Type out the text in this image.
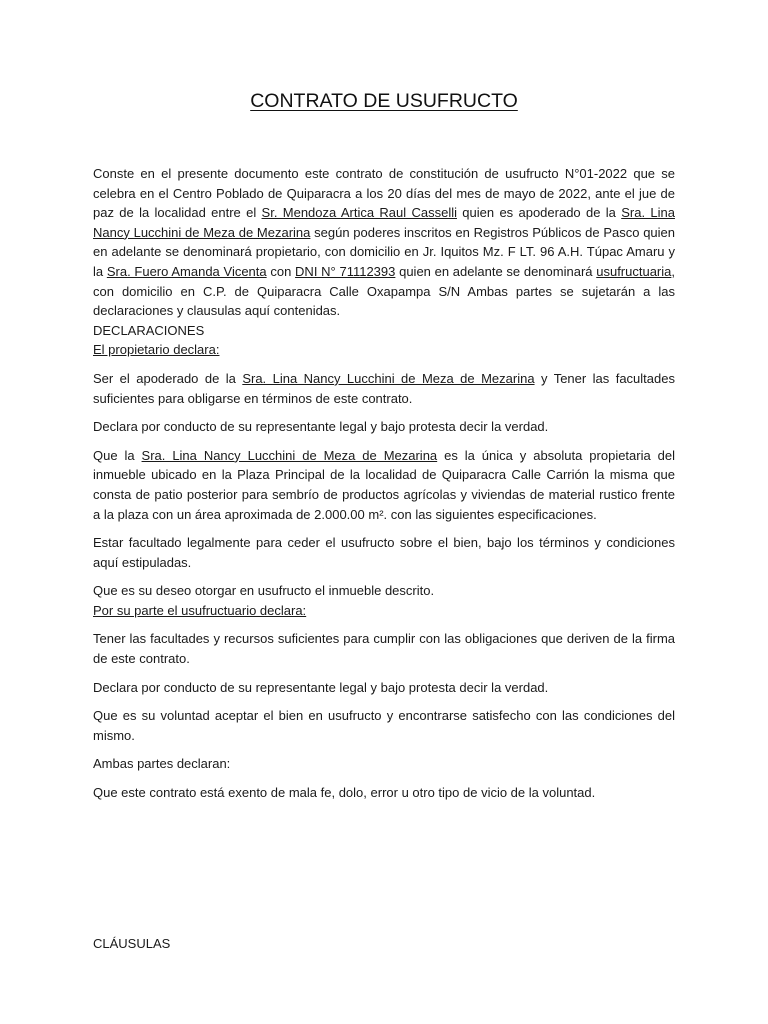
CONTRATO DE USUFRUCTO

Conste en el presente documento este contrato de constitución de usufructo N°01-2022 que se celebra en el Centro Poblado de Quiparacra a los 20 días del mes de mayo de 2022, ante el jue de paz de la localidad entre el Sr. Mendoza Artica Raul Casselli quien es apoderado de la Sra. Lina Nancy Lucchini de Meza de Mezarina según poderes inscritos en Registros Públicos de Pasco quien en adelante se denominará propietario, con domicilio en Jr. Iquitos Mz. F LT. 96 A.H. Túpac Amaru y la Sra. Fuero Amanda Vicenta con DNI N° 71112393 quien en adelante se denominará usufructuaria, con domicilio en C.P. de Quiparacra Calle Oxapampa S/N Ambas partes se sujetarán a las declaraciones y clausulas aquí contenidas.

DECLARACIONES

El propietario declara:

Ser el apoderado de la Sra. Lina Nancy Lucchini de Meza de Mezarina y Tener las facultades suficientes para obligarse en términos de este contrato.

Declara por conducto de su representante legal y bajo protesta decir la verdad.

Que la Sra. Lina Nancy Lucchini de Meza de Mezarina es la única y absoluta propietaria del inmueble ubicado en la Plaza Principal de la localidad de Quiparacra Calle Carrión la misma que consta de patio posterior para sembrío de productos agrícolas y viviendas de material rustico frente a la plaza con un área aproximada de 2.000.00 m². con las siguientes especificaciones.

Estar facultado legalmente para ceder el usufructo sobre el bien, bajo los términos y condiciones aquí estipuladas.

Que es su deseo otorgar en usufructo el inmueble descrito.

Por su parte el usufructuario declara:

Tener las facultades y recursos suficientes para cumplir con las obligaciones que deriven de la firma de este contrato.

Declara por conducto de su representante legal y bajo protesta decir la verdad.

Que es su voluntad aceptar el bien en usufructo y encontrarse satisfecho con las condiciones del mismo.

Ambas partes declaran:

Que este contrato está exento de mala fe, dolo, error u otro tipo de vicio de la voluntad.

CLÁUSULAS
